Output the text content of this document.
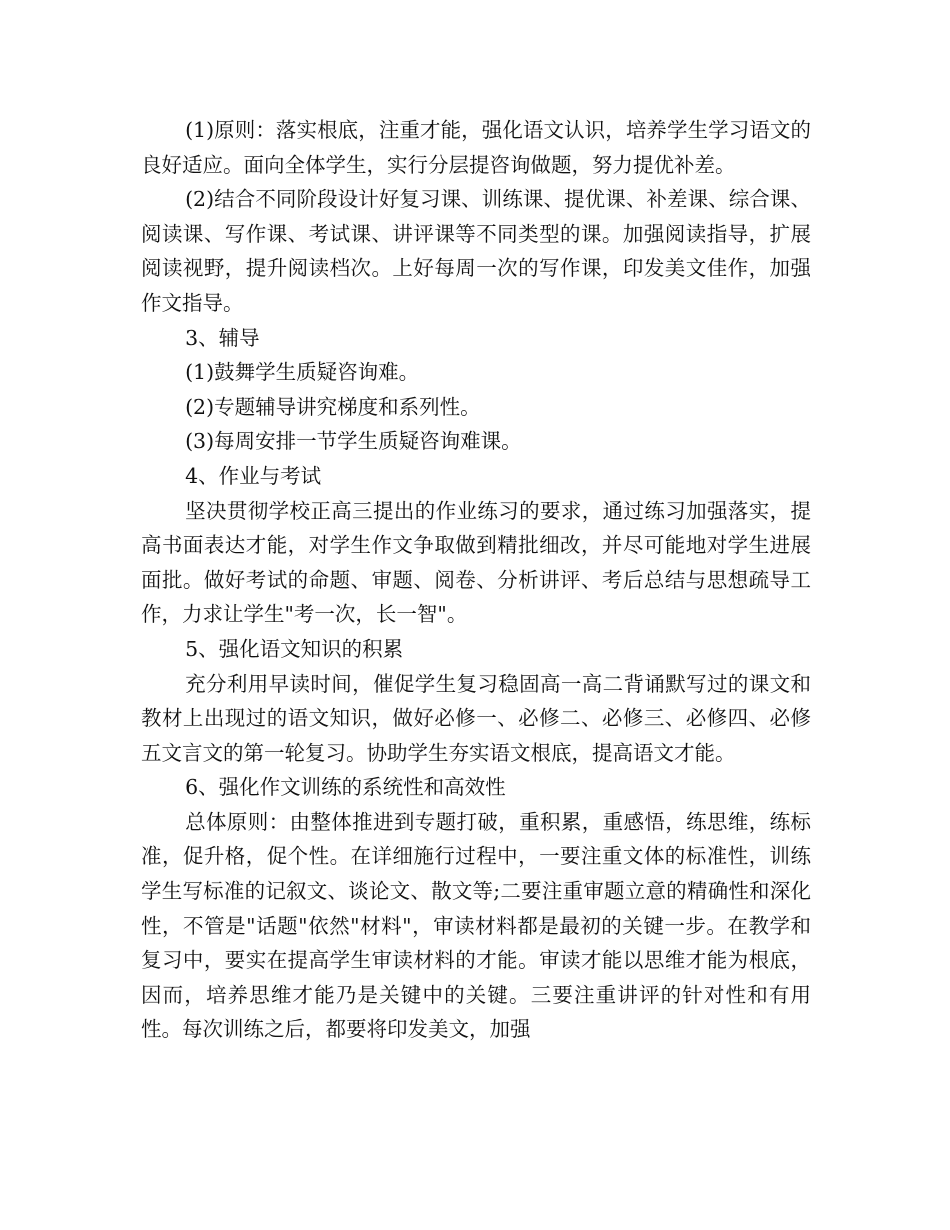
(1)原则：落实根底，注重才能，强化语文认识，培养学生学习语文的良好适应。面向全体学生，实行分层提咨询做题，努力提优补差。

(2)结合不同阶段设计好复习课、训练课、提优课、补差课、综合课、阅读课、写作课、考试课、讲评课等不同类型的课。加强阅读指导，扩展阅读视野，提升阅读档次。上好每周一次的写作课，印发美文佳作，加强作文指导。

3、辅导

(1)鼓舞学生质疑咨询难。

(2)专题辅导讲究梯度和系列性。

(3)每周安排一节学生质疑咨询难课。

4、作业与考试

坚决贯彻学校正高三提出的作业练习的要求，通过练习加强落实，提高书面表达才能，对学生作文争取做到精批细改，并尽可能地对学生进展面批。做好考试的命题、审题、阅卷、分析讲评、考后总结与思想疏导工作，力求让学生"考一次，长一智"。

5、强化语文知识的积累

充分利用早读时间，催促学生复习稳固高一高二背诵默写过的课文和教材上出现过的语文知识，做好必修一、必修二、必修三、必修四、必修五文言文的第一轮复习。协助学生夯实语文根底，提高语文才能。

6、强化作文训练的系统性和高效性

总体原则：由整体推进到专题打破，重积累，重感悟，练思维，练标准，促升格，促个性。在详细施行过程中，一要注重文体的标准性，训练学生写标准的记叙文、谈论文、散文等;二要注重审题立意的精确性和深化性，不管是"话题"依然"材料"，审读材料都是最初的关键一步。在教学和复习中，要实在提高学生审读材料的才能。审读才能以思维才能为根底，因而，培养思维才能乃是关键中的关键。三要注重讲评的针对性和有用性。每次训练之后，都要将印发美文，加强
